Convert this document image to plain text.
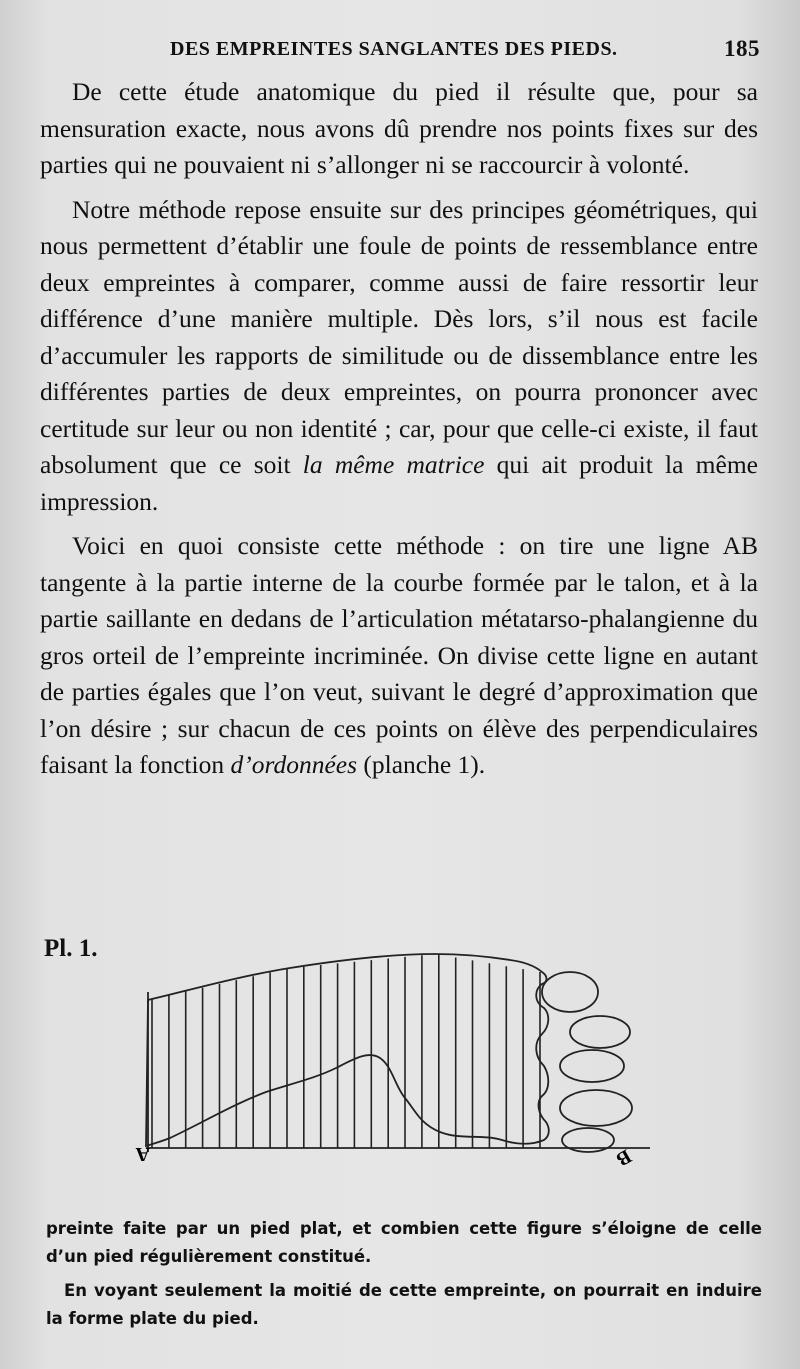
DES EMPREINTES SANGLANTES DES PIEDS.	185

De cette étude anatomique du pied il résulte que, pour sa mensuration exacte, nous avons dû prendre nos points fixes sur des parties qui ne pouvaient ni s’allonger ni se raccourcir à volonté.

Notre méthode repose ensuite sur des principes géométriques, qui nous permettent d’établir une foule de points de ressemblance entre deux empreintes à comparer, comme aussi de faire ressortir leur différence d’une manière multiple. Dès lors, s’il nous est facile d’accumuler les rapports de similitude ou de dissemblance entre les différentes parties de deux empreintes, on pourra prononcer avec certitude sur leur ou non identité ; car, pour que celle-ci existe, il faut absolument que ce soit la même matrice qui ait produit la même impression.

Voici en quoi consiste cette méthode : on tire une ligne AB tangente à la partie interne de la courbe formée par le talon, et à la partie saillante en dedans de l’articulation métatarso-phalangienne du gros orteil de l’empreinte incriminée. On divise cette ligne en autant de parties égales que l’on veut, suivant le degré d’approximation que l’on désire ; sur chacun de ces points on élève des perpendiculaires faisant la fonction d’ordonnées (planche 1).

Pl. 1.
A	B

preinte faite par un pied plat, et combien cette figure s’éloigne de celle d’un pied régulièrement constitué.

En voyant seulement la moitié de cette empreinte, on pourrait en induire la forme plate du pied.
